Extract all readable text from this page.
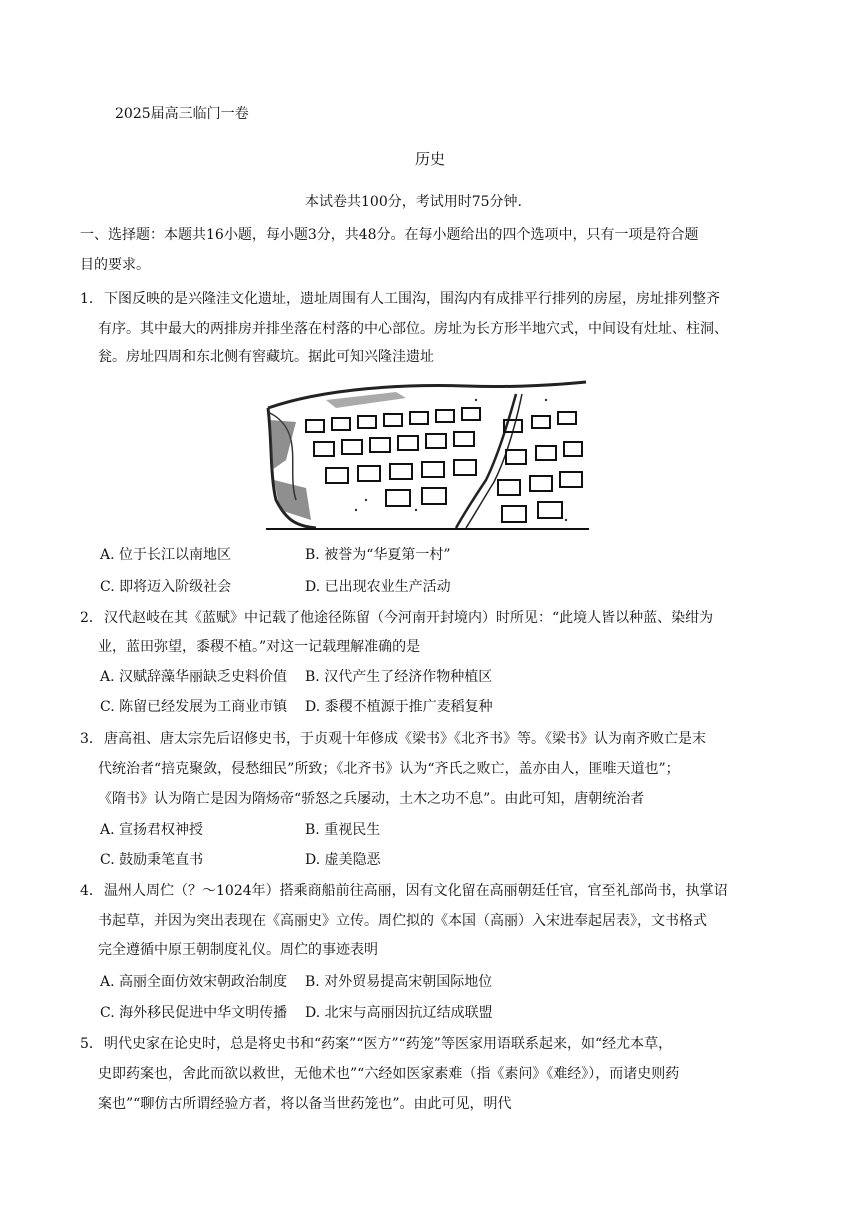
2025届高三临门一卷
历史
本试卷共100分，考试用时75分钟.
一、选择题：本题共16小题，每小题3分，共48分。在每小题给出的四个选项中，只有一项是符合题
目的要求。
1． 下图反映的是兴隆洼文化遗址，遗址周围有人工围沟，围沟内有成排平行排列的房屋，房址排列整齐
有序。其中最大的两排房并排坐落在村落的中心部位。房址为长方形半地穴式，中间设有灶址、柱洞、
瓮。房址四周和东北侧有窖藏坑。据此可知兴隆洼遗址
A. 位于长江以南地区	B. 被誉为“华夏第一村”
C. 即将迈入阶级社会	D. 已出现农业生产活动
2． 汉代赵岐在其《蓝赋》中记载了他途径陈留（今河南开封境内）时所见：“此境人皆以种蓝、染绀为
业，蓝田弥望，黍稷不植。”对这一记载理解准确的是
A. 汉赋辞藻华丽缺乏史料价值 B. 汉代产生了经济作物种植区
C. 陈留已经发展为工商业市镇 D. 黍稷不植源于推广麦稻复种
3． 唐高祖、唐太宗先后诏修史书，于贞观十年修成《梁书》《北齐书》等。《梁书》认为南齐败亡是末
代统治者“掊克聚敛，侵愁细民”所致；《北齐书》认为“齐氏之败亡，盖亦由人，匪唯天道也”；
《隋书》认为隋亡是因为隋炀帝“骄怒之兵屡动，土木之功不息”。由此可知，唐朝统治者
A. 宣扬君权神授	B. 重视民生
C. 鼓励秉笔直书	D. 虚美隐恶
4． 温州人周伫（？～1024年）搭乘商船前往高丽，因有文化留在高丽朝廷任官，官至礼部尚书，执掌诏
书起草，并因为突出表现在《高丽史》立传。周伫拟的《本国（高丽）入宋进奉起居表》，文书格式
完全遵循中原王朝制度礼仪。周伫的事迹表明
A. 高丽全面仿效宋朝政治制度 B. 对外贸易提高宋朝国际地位
C. 海外移民促进中华文明传播 D. 北宋与高丽因抗辽结成联盟
5． 明代史家在论史时，总是将史书和“药案”“医方”“药笼”等医家用语联系起来，如“经尤本草，
史即药案也，舍此而欲以救世，无他术也”“六经如医家素难（指《素问》《难经》），而诸史则药
案也”“聊仿古所谓经验方者，将以备当世药笼也”。由此可见，明代
